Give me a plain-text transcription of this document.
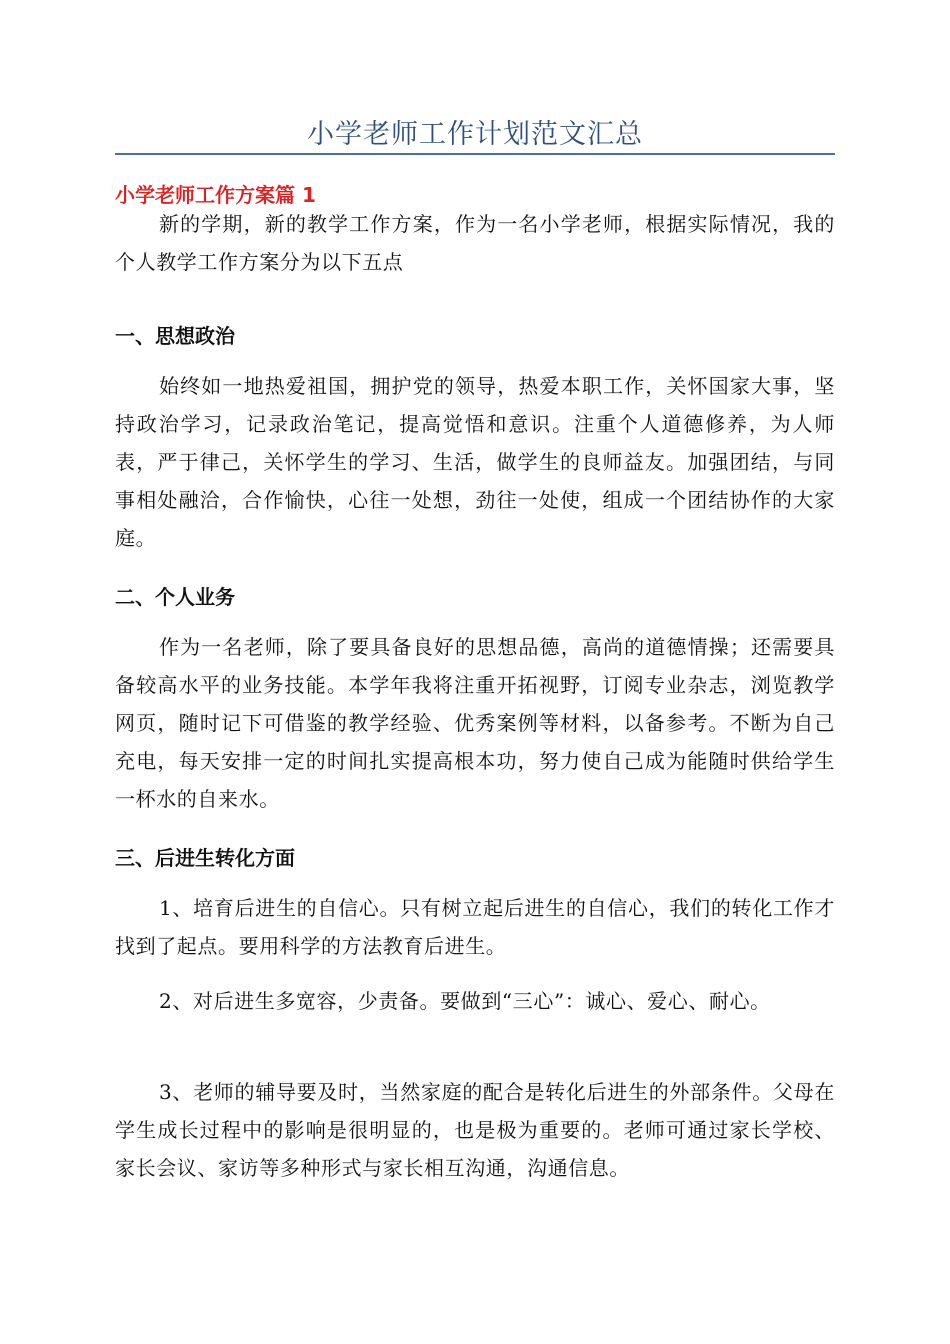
小学老师工作计划范文汇总
小学老师工作方案篇 1

新的学期，新的教学工作方案，作为一名小学老师，根据实际情况，我的个人教学工作方案分为以下五点

一、思想政治

始终如一地热爱祖国，拥护党的领导，热爱本职工作，关怀国家大事，坚持政治学习，记录政治笔记，提高觉悟和意识。注重个人道德修养，为人师表，严于律己，关怀学生的学习、生活，做学生的良师益友。加强团结，与同事相处融洽，合作愉快，心往一处想，劲往一处使，组成一个团结协作的大家庭。

二、个人业务

作为一名老师，除了要具备良好的思想品德，高尚的道德情操；还需要具备较高水平的业务技能。本学年我将注重开拓视野，订阅专业杂志，浏览教学网页，随时记下可借鉴的教学经验、优秀案例等材料，以备参考。不断为自己充电，每天安排一定的时间扎实提高根本功，努力使自己成为能随时供给学生一杯水的自来水。

三、后进生转化方面

1、培育后进生的自信心。只有树立起后进生的自信心，我们的转化工作才找到了起点。要用科学的方法教育后进生。

2、对后进生多宽容，少责备。要做到“三心”：诚心、爱心、耐心。

3、老师的辅导要及时，当然家庭的配合是转化后进生的外部条件。父母在学生成长过程中的影响是很明显的，也是极为重要的。老师可通过家长学校、家长会议、家访等多种形式与家长相互沟通，沟通信息。
